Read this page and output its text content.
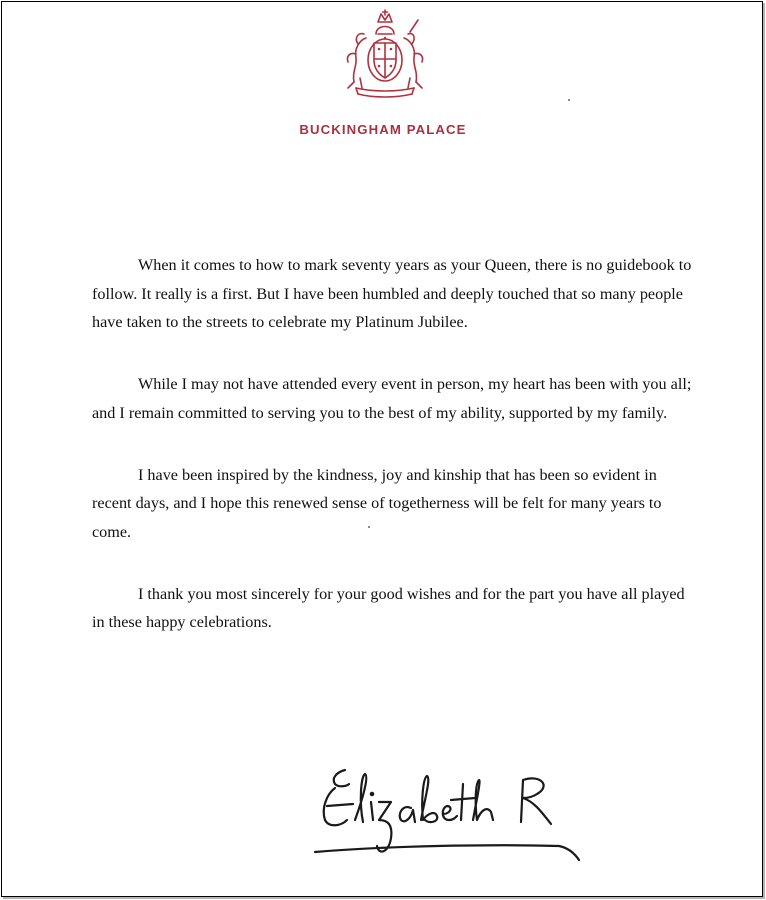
BUCKINGHAM PALACE

When it comes to how to mark seventy years as your Queen, there is no guidebook to follow. It really is a first. But I have been humbled and deeply touched that so many people have taken to the streets to celebrate my Platinum Jubilee.

While I may not have attended every event in person, my heart has been with you all; and I remain committed to serving you to the best of my ability, supported by my family.

I have been inspired by the kindness, joy and kinship that has been so evident in recent days, and I hope this renewed sense of togetherness will be felt for many years to come.

I thank you most sincerely for your good wishes and for the part you have all played in these happy celebrations.
